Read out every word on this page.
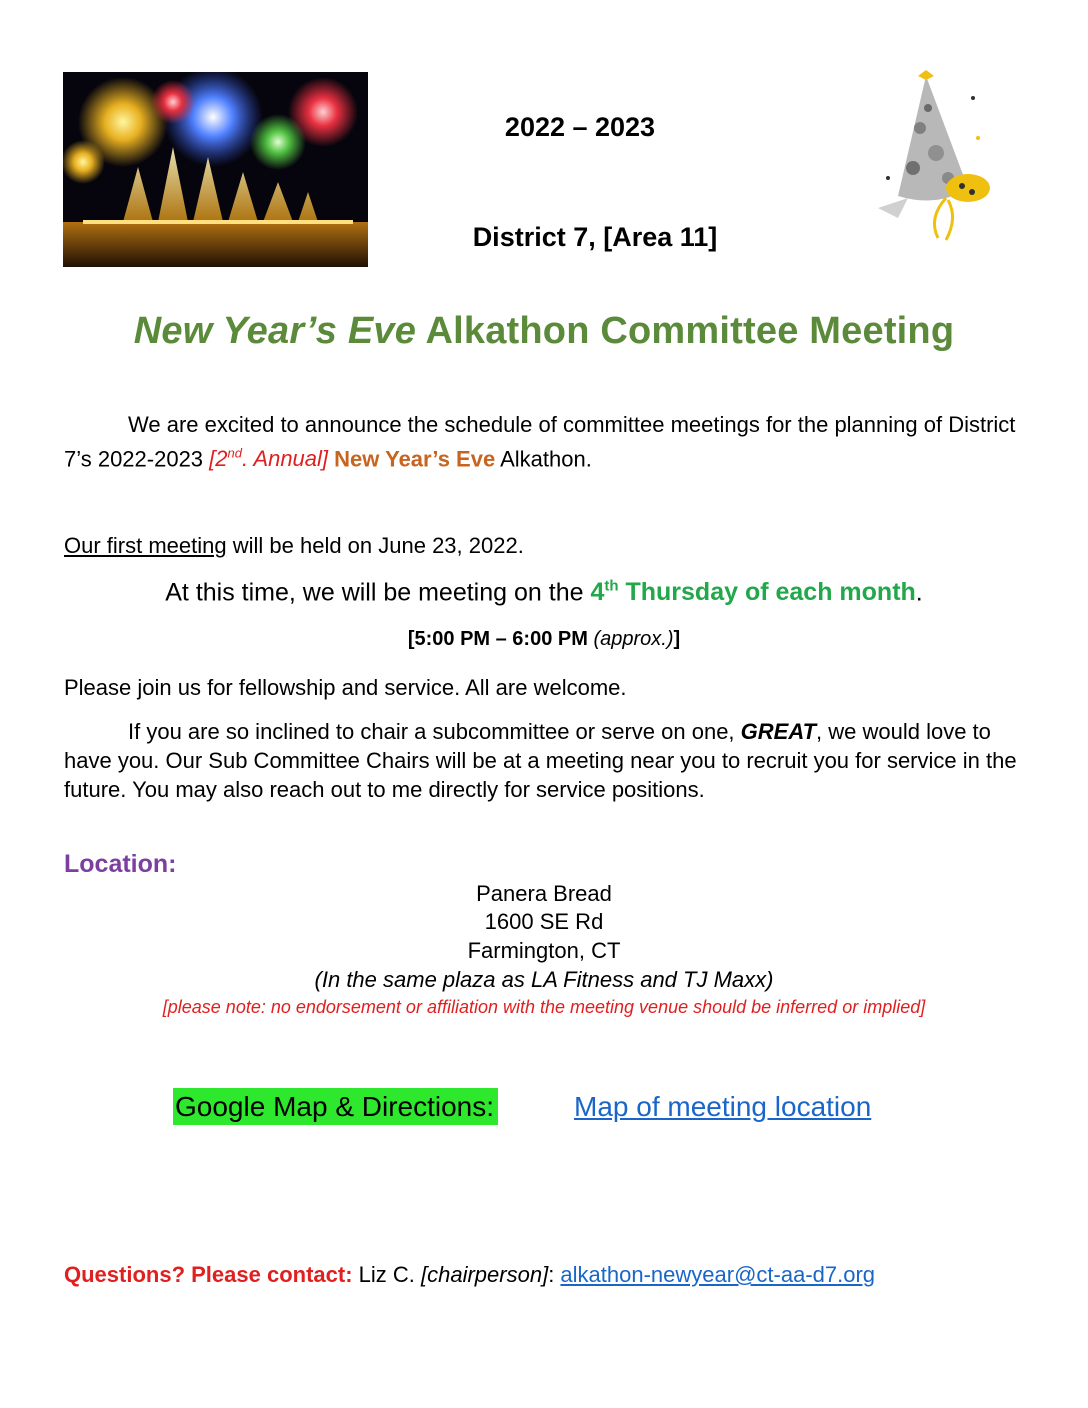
2022 – 2023
District 7, [Area 11]
New Year’s Eve Alkathon Committee Meeting
We are excited to announce the schedule of committee meetings for the planning of District 7’s 2022-2023 [2nd. Annual] New Year’s Eve Alkathon.
Our first meeting will be held on June 23, 2022.
At this time, we will be meeting on the 4th Thursday of each month.
[5:00 PM – 6:00 PM (approx.)]
Please join us for fellowship and service. All are welcome.
If you are so inclined to chair a subcommittee or serve on one, GREAT, we would love to have you. Our Sub Committee Chairs will be at a meeting near you to recruit you for service in the future. You may also reach out to me directly for service positions.
Location:
Panera Bread
1600 SE Rd
Farmington, CT
(In the same plaza as LA Fitness and TJ Maxx)
[please note: no endorsement or affiliation with the meeting venue should be inferred or implied]
Google Map & Directions:	Map of meeting location
Questions? Please contact: Liz C. [chairperson]: alkathon-newyear@ct-aa-d7.org
